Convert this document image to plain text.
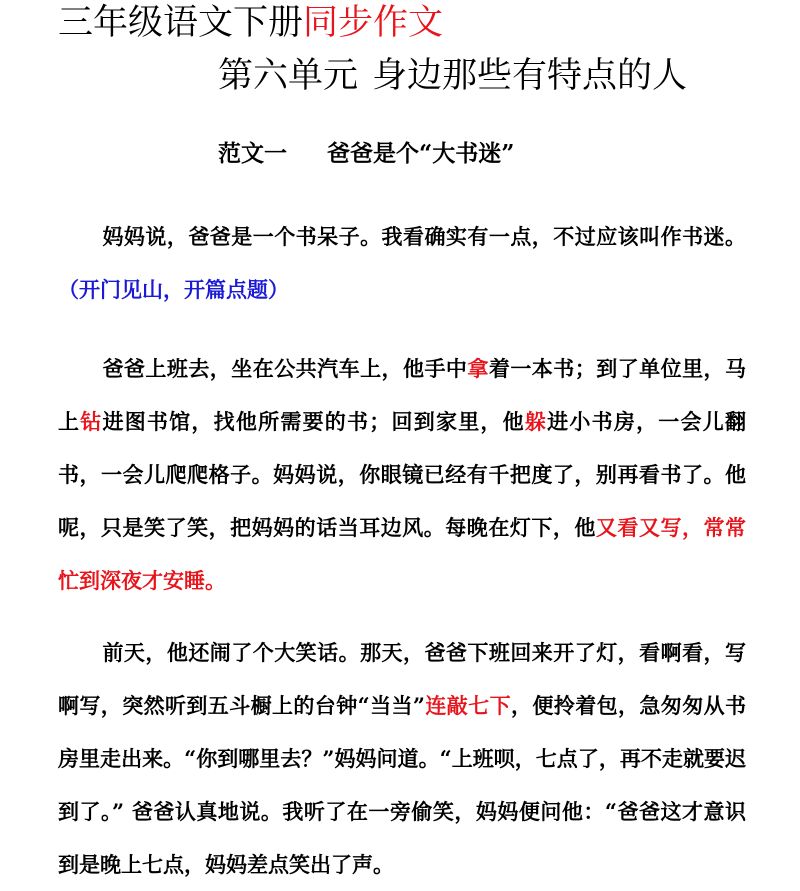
三年级语文下册同步作文
第六单元 身边那些有特点的人
范文一 爸爸是个“大书迷”

妈妈说，爸爸是一个书呆子。我看确实有一点，不过应该叫作书迷。（开门见山，开篇点题）

爸爸上班去，坐在公共汽车上，他手中拿着一本书；到了单位里，马上钻进图书馆，找他所需要的书；回到家里，他躲进小书房，一会儿翻书，一会儿爬爬格子。妈妈说，你眼镜已经有千把度了，别再看书了。他呢，只是笑了笑，把妈妈的话当耳边风。每晚在灯下，他又看又写，常常忙到深夜才安睡。

前天，他还闹了个大笑话。那天，爸爸下班回来开了灯，看啊看，写啊写，突然听到五斗橱上的台钟“当当”连敲七下，便拎着包，急匆匆从书房里走出来。“你到哪里去？”妈妈问道。“上班呗，七点了，再不走就要迟到了。” 爸爸认真地说。我听了在一旁偷笑，妈妈便问他：“爸爸这才意识到是晚上七点，妈妈差点笑出了声。
